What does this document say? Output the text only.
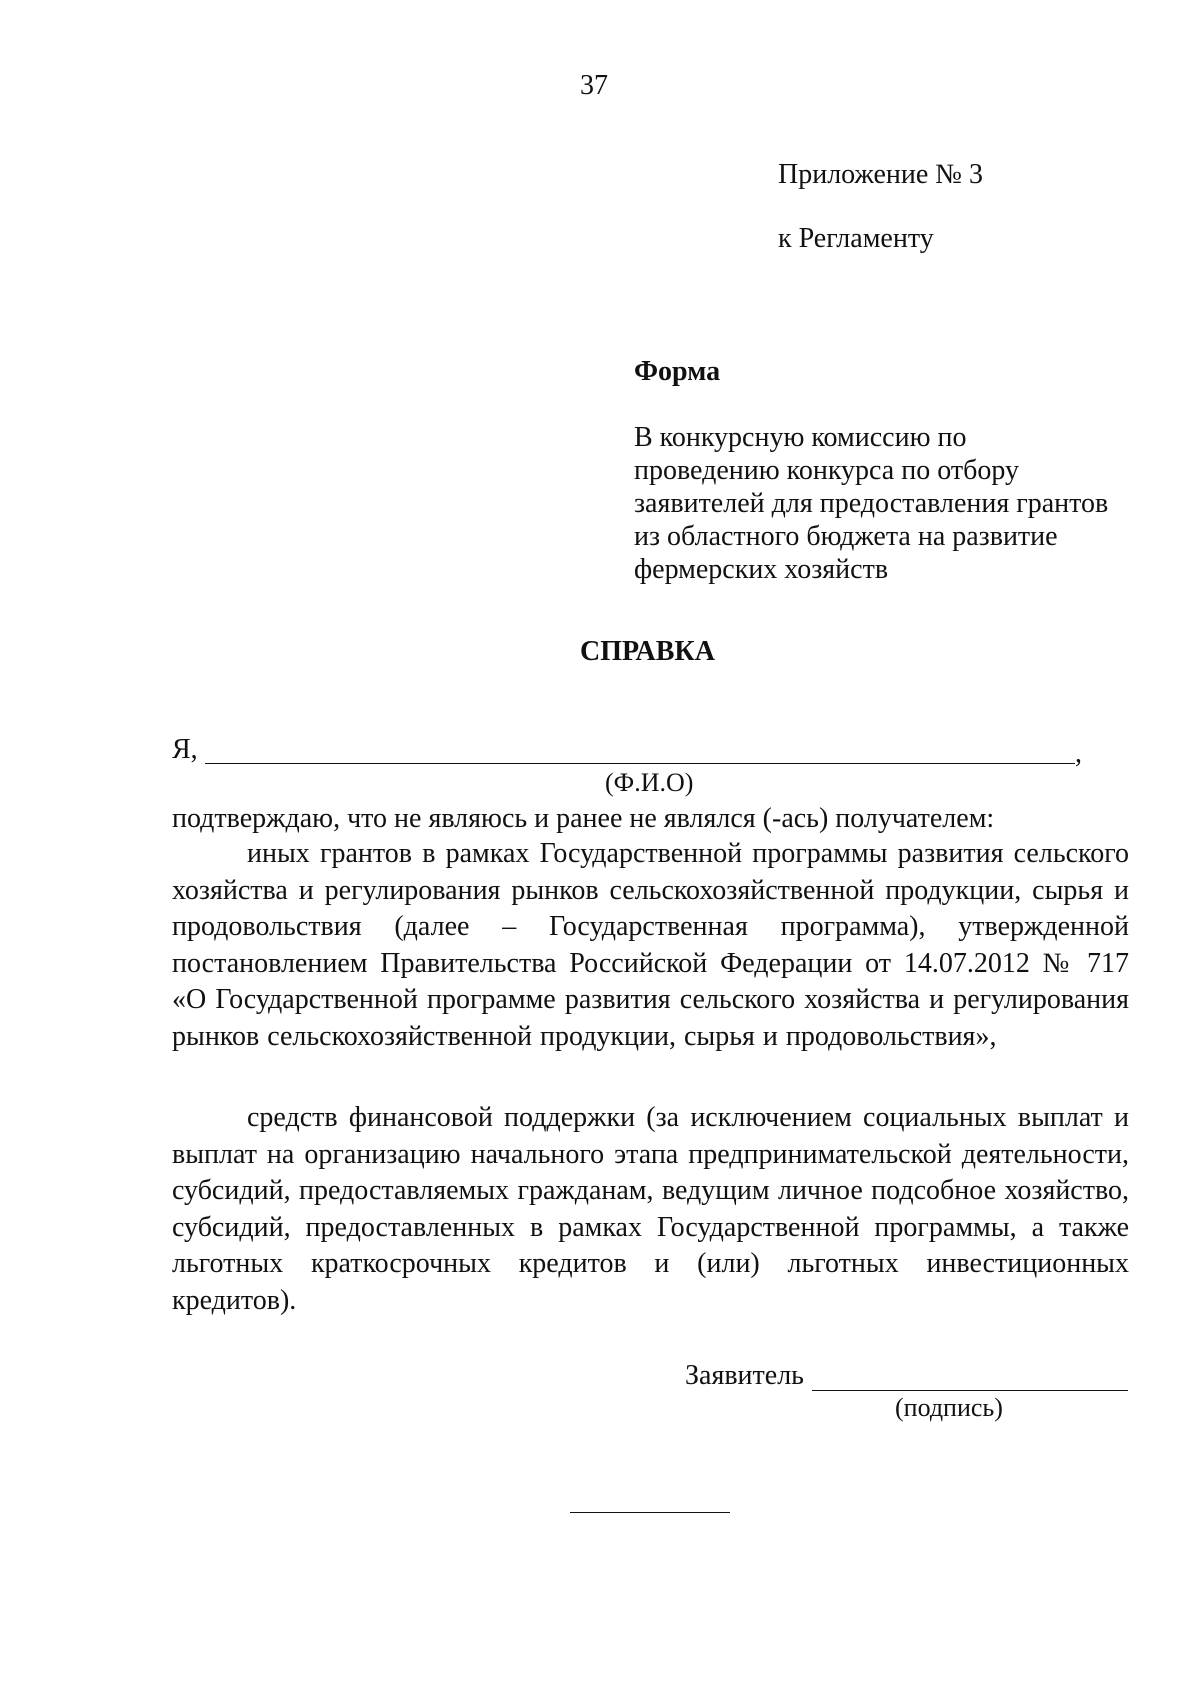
37
Приложение № 3
к Регламенту
Форма
В конкурсную комиссию по
проведению конкурса по отбору
заявителей для предоставления грантов
из областного бюджета на развитие
фермерских хозяйств
СПРАВКА
Я,	,
(Ф.И.О)
подтверждаю, что не являюсь и ранее не являлся (-ась) получателем:
иных грантов в рамках Государственной программы развития сельского хозяйства и регулирования рынков сельскохозяйственной продукции, сырья и продовольствия (далее – Государственная программа), утвержденной постановлением Правительства Российской Федерации от 14.07.2012 № 717 «О Государственной программе развития сельского хозяйства и регулирования рынков сельскохозяйственной продукции, сырья и продовольствия»,
средств финансовой поддержки (за исключением социальных выплат и выплат на организацию начального этапа предпринимательской деятельности, субсидий, предоставляемых гражданам, ведущим личное подсобное хозяйство, субсидий, предоставленных в рамках Государственной программы, а также льготных краткосрочных кредитов и (или) льготных инвестиционных кредитов).
Заявитель
(подпись)
